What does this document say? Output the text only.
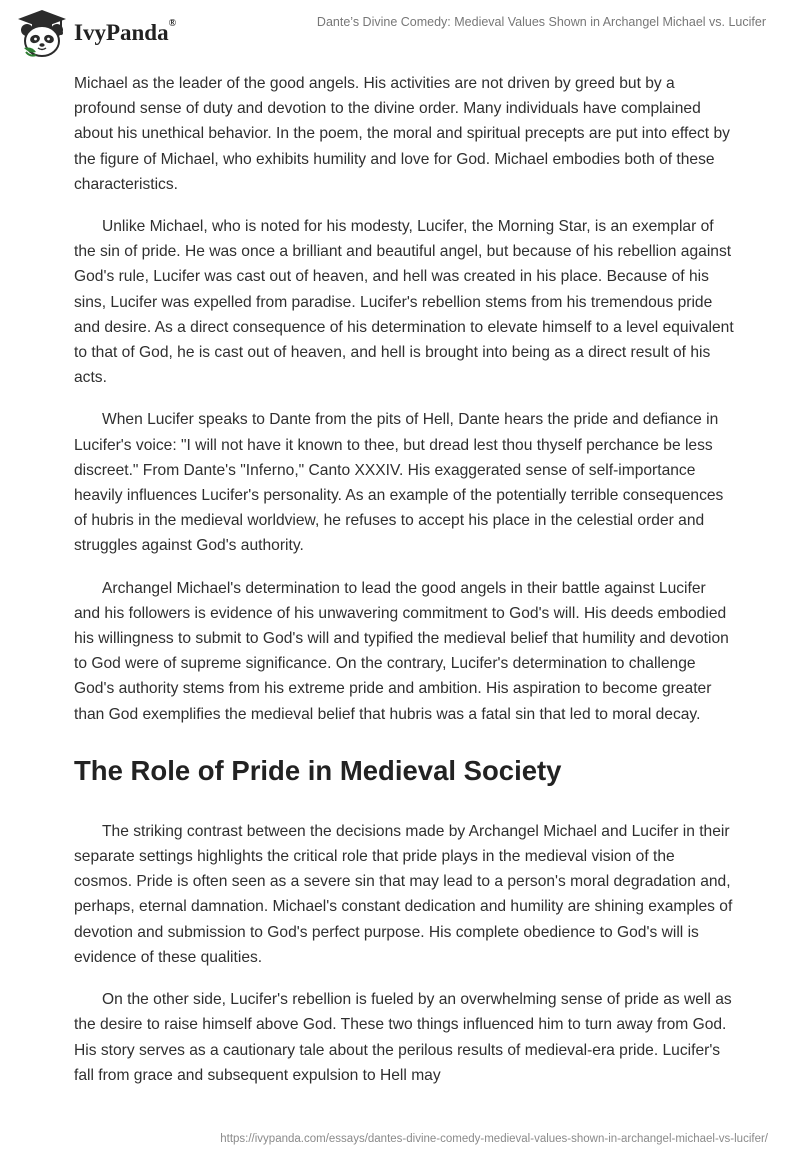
IvyPanda®	Dante’s Divine Comedy: Medieval Values Shown in Archangel Michael vs. Lucifer

Michael as the leader of the good angels. His activities are not driven by greed but by a profound sense of duty and devotion to the divine order. Many individuals have complained about his unethical behavior. In the poem, the moral and spiritual precepts are put into effect by the figure of Michael, who exhibits humility and love for God. Michael embodies both of these characteristics.

Unlike Michael, who is noted for his modesty, Lucifer, the Morning Star, is an exemplar of the sin of pride. He was once a brilliant and beautiful angel, but because of his rebellion against God's rule, Lucifer was cast out of heaven, and hell was created in his place. Because of his sins, Lucifer was expelled from paradise. Lucifer's rebellion stems from his tremendous pride and desire. As a direct consequence of his determination to elevate himself to a level equivalent to that of God, he is cast out of heaven, and hell is brought into being as a direct result of his acts.

When Lucifer speaks to Dante from the pits of Hell, Dante hears the pride and defiance in Lucifer's voice: "I will not have it known to thee, but dread lest thou thyself perchance be less discreet." From Dante's "Inferno," Canto XXXIV. His exaggerated sense of self-importance heavily influences Lucifer's personality. As an example of the potentially terrible consequences of hubris in the medieval worldview, he refuses to accept his place in the celestial order and struggles against God's authority.

Archangel Michael's determination to lead the good angels in their battle against Lucifer and his followers is evidence of his unwavering commitment to God's will. His deeds embodied his willingness to submit to God's will and typified the medieval belief that humility and devotion to God were of supreme significance. On the contrary, Lucifer's determination to challenge God's authority stems from his extreme pride and ambition. His aspiration to become greater than God exemplifies the medieval belief that hubris was a fatal sin that led to moral decay.

The Role of Pride in Medieval Society

The striking contrast between the decisions made by Archangel Michael and Lucifer in their separate settings highlights the critical role that pride plays in the medieval vision of the cosmos. Pride is often seen as a severe sin that may lead to a person's moral degradation and, perhaps, eternal damnation. Michael's constant dedication and humility are shining examples of devotion and submission to God's perfect purpose. His complete obedience to God's will is evidence of these qualities.

On the other side, Lucifer's rebellion is fueled by an overwhelming sense of pride as well as the desire to raise himself above God. These two things influenced him to turn away from God. His story serves as a cautionary tale about the perilous results of medieval-era pride. Lucifer's fall from grace and subsequent expulsion to Hell may

https://ivypanda.com/essays/dantes-divine-comedy-medieval-values-shown-in-archangel-michael-vs-lucifer/
